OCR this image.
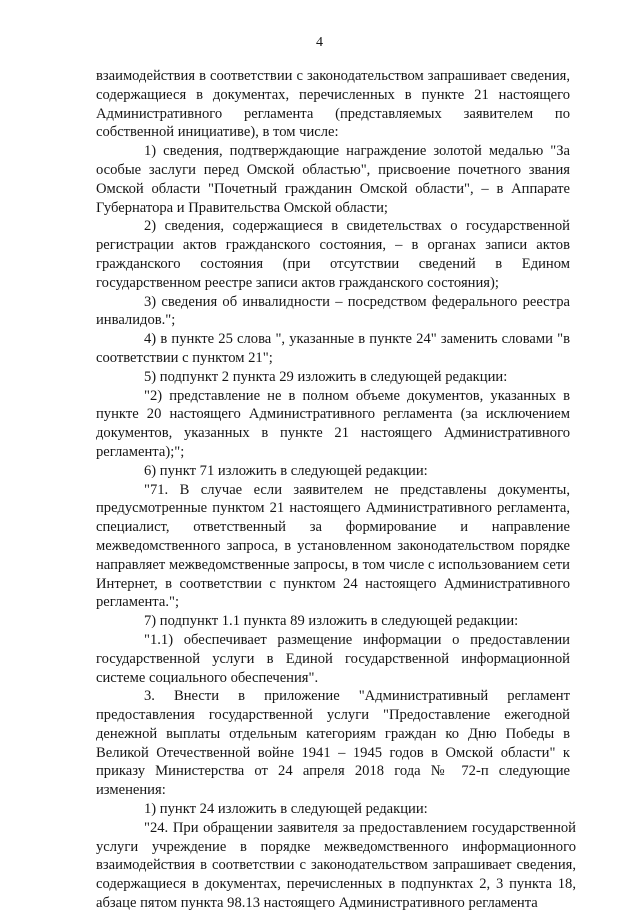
4

взаимодействия в соответствии с законодательством запрашивает сведения, содержащиеся в документах, перечисленных в пункте 21 настоящего Административного регламента (представляемых заявителем по собственной инициативе), в том числе:

1) сведения, подтверждающие награждение золотой медалью "За особые заслуги перед Омской областью", присвоение почетного звания Омской области "Почетный гражданин Омской области", – в Аппарате Губернатора и Правительства Омской области;

2) сведения, содержащиеся в свидетельствах о государственной регистрации актов гражданского состояния, – в органах записи актов гражданского состояния (при отсутствии сведений в Едином государственном реестре записи актов гражданского состояния);

3) сведения об инвалидности – посредством федерального реестра инвалидов.";

4) в пункте 25 слова ", указанные в пункте 24" заменить словами "в соответствии с пунктом 21";

5) подпункт 2 пункта 29 изложить в следующей редакции:

"2) представление не в полном объеме документов, указанных в пункте 20 настоящего Административного регламента (за исключением документов, указанных в пункте 21 настоящего Административного регламента);";

6) пункт 71 изложить в следующей редакции:

"71. В случае если заявителем не представлены документы, предусмотренные пунктом 21 настоящего Административного регламента, специалист, ответственный за формирование и направление межведомственного запроса, в установленном законодательством порядке направляет межведомственные запросы, в том числе с использованием сети Интернет, в соответствии с пунктом 24 настоящего Административного регламента.";

7) подпункт 1.1 пункта 89 изложить в следующей редакции:

"1.1) обеспечивает размещение информации о предоставлении государственной услуги в Единой государственной информационной системе социального обеспечения".

3. Внести в приложение "Административный регламент предоставления государственной услуги "Предоставление ежегодной денежной выплаты отдельным категориям граждан ко Дню Победы в Великой Отечественной войне 1941 – 1945 годов в Омской области" к приказу Министерства от 24 апреля 2018 года № 72-п следующие изменения:

1) пункт 24 изложить в следующей редакции:

"24. При обращении заявителя за предоставлением государственной услуги учреждение в порядке межведомственного информационного взаимодействия в соответствии с законодательством запрашивает сведения, содержащиеся в документах, перечисленных в подпунктах 2, 3 пункта 18, абзаце пятом пункта 98.13 настоящего Административного регламента
